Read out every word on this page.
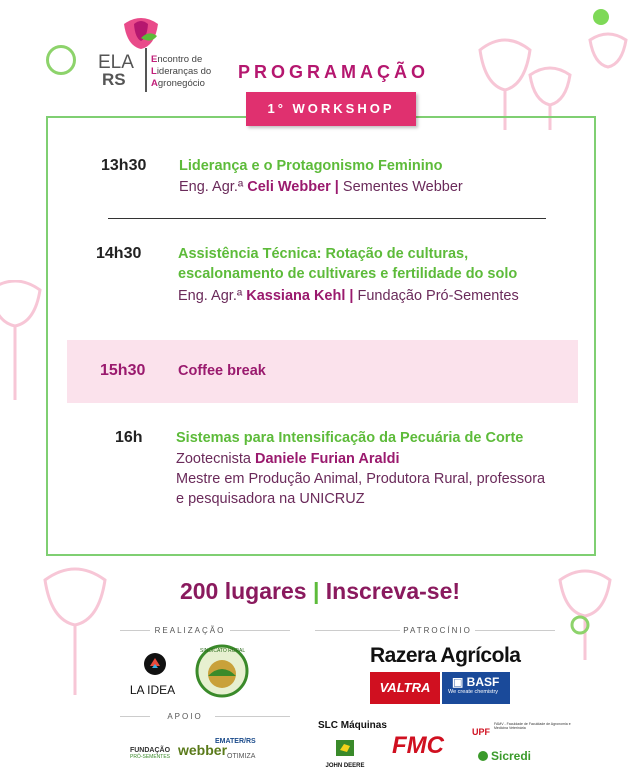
ELA
RS
Encontro de
Lideranças do
Agronegócio
PROGRAMAÇÃO
1° WORKSHOP
13h30 Liderança e o Protagonismo Feminino
Eng. Agr.ª Celi Webber | Sementes Webber
14h30	Assistência Técnica: Rotação de culturas,
escalonamento de cultivares e fertilidade do solo
Eng. Agr.ª Kassiana Kehl | Fundação Pró-Sementes
15h30 Coffee break
16h Sistemas para Intensificação da Pecuária de Corte
Zootecnista Daniele Furian Araldi
Mestre em Produção Animal, Produtora Rural, professora
e pesquisadora na UNICRUZ
200 lugares | Inscreva-se!
REALIZAÇÃO
LA IDEA
SINDICATO RURAL
APOIO
FUNDAÇÃO
PRÓ-SEMENTES webber
EMATER/RS
OTIMIZA
PATROCÍNIO
Razera Agrícola
VALTRA	▣ BASF
We create chemistry
SLC Máquinas
JOHN DEERE
FMC	UPF
FAMV - Faculdade de Faculdade de Agronomia e Medicina Veterinária
Sicredi
